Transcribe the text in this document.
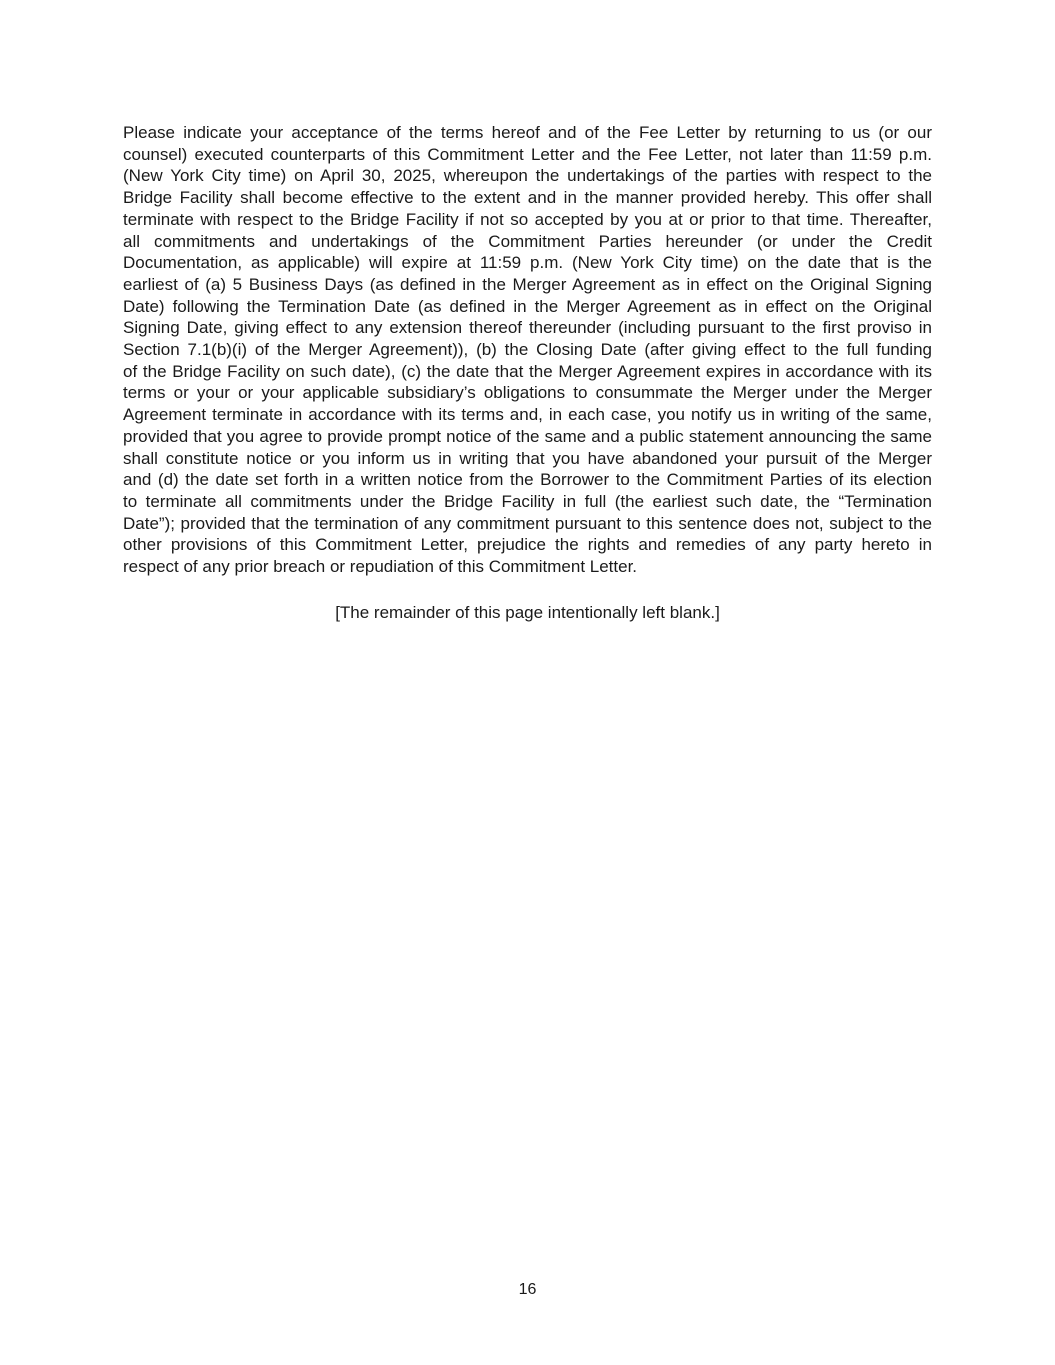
Please indicate your acceptance of the terms hereof and of the Fee Letter by returning to us (or our
counsel) executed counterparts of this Commitment Letter and the Fee Letter, not later than 11:59 p.m.
(New York City time) on April 30, 2025, whereupon the undertakings of the parties with respect to the
Bridge Facility shall become effective to the extent and in the manner provided hereby. This offer shall
terminate with respect to the Bridge Facility if not so accepted by you at or prior to that time. Thereafter,
all commitments and undertakings of the Commitment Parties hereunder (or under the Credit
Documentation, as applicable) will expire at 11:59 p.m. (New York City time) on the date that is the
earliest of (a) 5 Business Days (as defined in the Merger Agreement as in effect on the Original Signing
Date) following the Termination Date (as defined in the Merger Agreement as in effect on the Original
Signing Date, giving effect to any extension thereof thereunder (including pursuant to the first proviso in
Section 7.1(b)(i) of the Merger Agreement)), (b) the Closing Date (after giving effect to the full funding
of the Bridge Facility on such date), (c) the date that the Merger Agreement expires in accordance with its
terms or your or your applicable subsidiary’s obligations to consummate the Merger under the Merger
Agreement terminate in accordance with its terms and, in each case, you notify us in writing of the same,
provided that you agree to provide prompt notice of the same and a public statement announcing the same
shall constitute notice or you inform us in writing that you have abandoned your pursuit of the Merger
and (d) the date set forth in a written notice from the Borrower to the Commitment Parties of its election
to terminate all commitments under the Bridge Facility in full (the earliest such date, the “Termination
Date”); provided that the termination of any commitment pursuant to this sentence does not, subject to the
other provisions of this Commitment Letter, prejudice the rights and remedies of any party hereto in
respect of any prior breach or repudiation of this Commitment Letter.
[The remainder of this page intentionally left blank.]
16
